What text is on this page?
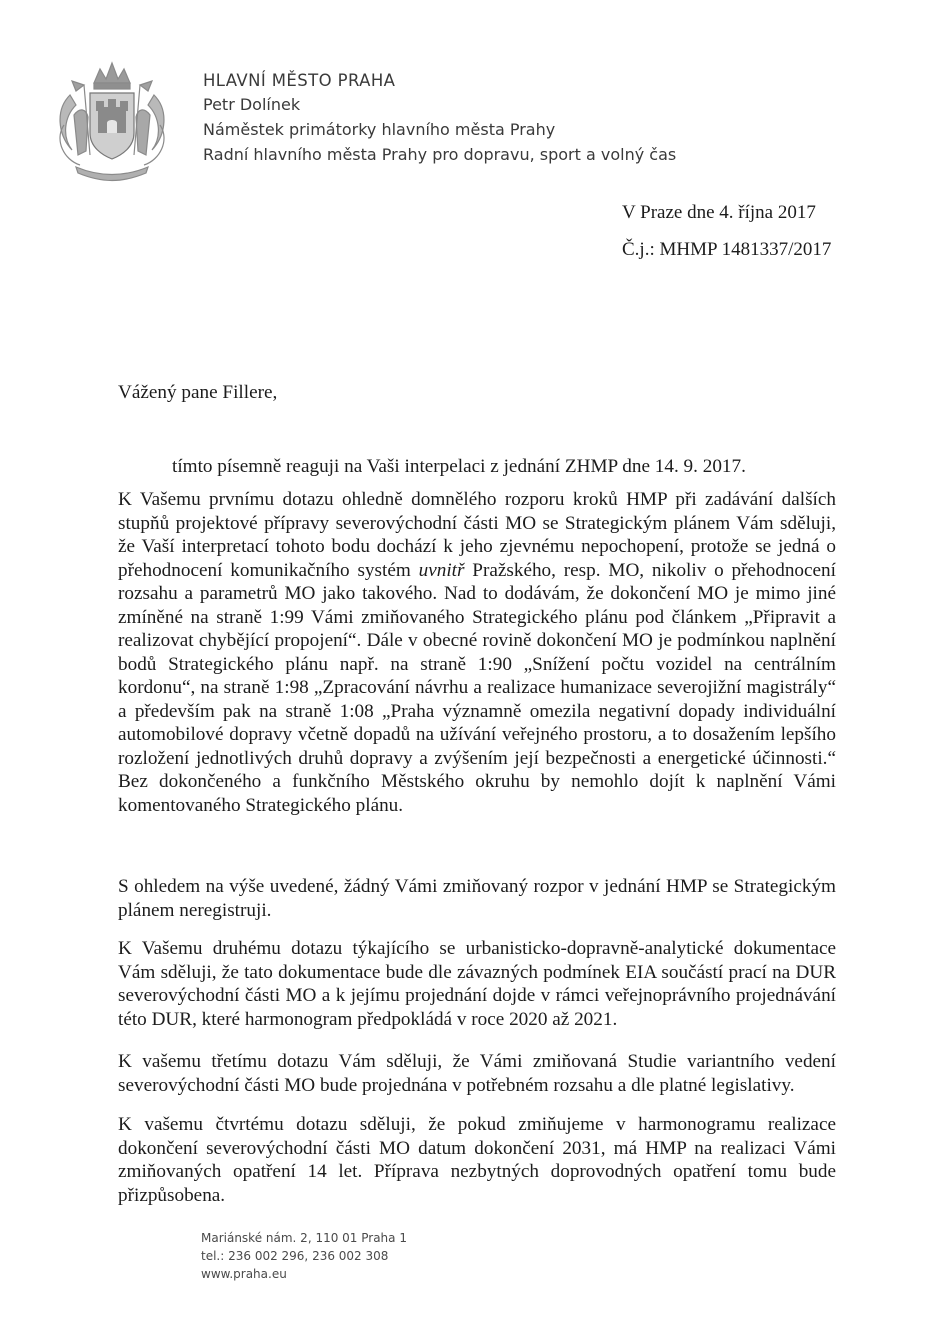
HLAVNÍ MĚSTO PRAHA
Petr Dolínek
Náměstek primátorky hlavního města Prahy
Radní hlavního města Prahy pro dopravu, sport a volný čas
V Praze dne 4. října 2017
Č.j.: MHMP 1481337/2017
Vážený pane Fillere,
tímto písemně reaguji na Vaši interpelaci z jednání ZHMP dne 14. 9. 2017.

K Vašemu prvnímu dotazu ohledně domnělého rozporu kroků HMP při zadávání dalších stupňů projektové přípravy severovýchodní části MO se Strategickým plánem Vám sděluji, že Vaší interpretací tohoto bodu dochází k jeho zjevnému nepochopení, protože se jedná o přehodnocení komunikačního systém uvnitř Pražského, resp. MO, nikoliv o přehodnocení rozsahu a parametrů MO jako takového. Nad to dodávám, že dokončení MO je mimo jiné zmíněné na straně 1:99 Vámi zmiňovaného Strategického plánu pod článkem „Připravit a realizovat chybějící propojení“. Dále v obecné rovině dokončení MO je podmínkou naplnění bodů Strategického plánu např. na straně 1:90 „Snížení počtu vozidel na centrálním kordonu“, na straně 1:98 „Zpracování návrhu a realizace humanizace severojižní magistrály“ a především pak na straně 1:08 „Praha významně omezila negativní dopady individuální automobilové dopravy včetně dopadů na užívání veřejného prostoru, a to dosažením lepšího rozložení jednotlivých druhů dopravy a zvýšením její bezpečnosti a energetické účinnosti.“ Bez dokončeného a funkčního Městského okruhu by nemohlo dojít k naplnění Vámi komentovaného Strategického plánu.

S ohledem na výše uvedené, žádný Vámi zmiňovaný rozpor v jednání HMP se Strategickým plánem neregistruji.

K Vašemu druhému dotazu týkajícího se urbanisticko-dopravně-analytické dokumentace Vám sděluji, že tato dokumentace bude dle závazných podmínek EIA součástí prací na DUR severovýchodní části MO a k jejímu projednání dojde v rámci veřejnoprávního projednávání této DUR, které harmonogram předpokládá v roce 2020 až 2021.

K vašemu třetímu dotazu Vám sděluji, že Vámi zmiňovaná Studie variantního vedení severovýchodní části MO bude projednána v potřebném rozsahu a dle platné legislativy.

K vašemu čtvrtému dotazu sděluji, že pokud zmiňujeme v harmonogramu realizace dokončení severovýchodní části MO datum dokončení 2031, má HMP na realizaci Vámi zmiňovaných opatření 14 let. Příprava nezbytných doprovodných opatření tomu bude přizpůsobena.

Mariánské nám. 2, 110 01 Praha 1
tel.: 236 002 296, 236 002 308
www.praha.eu
